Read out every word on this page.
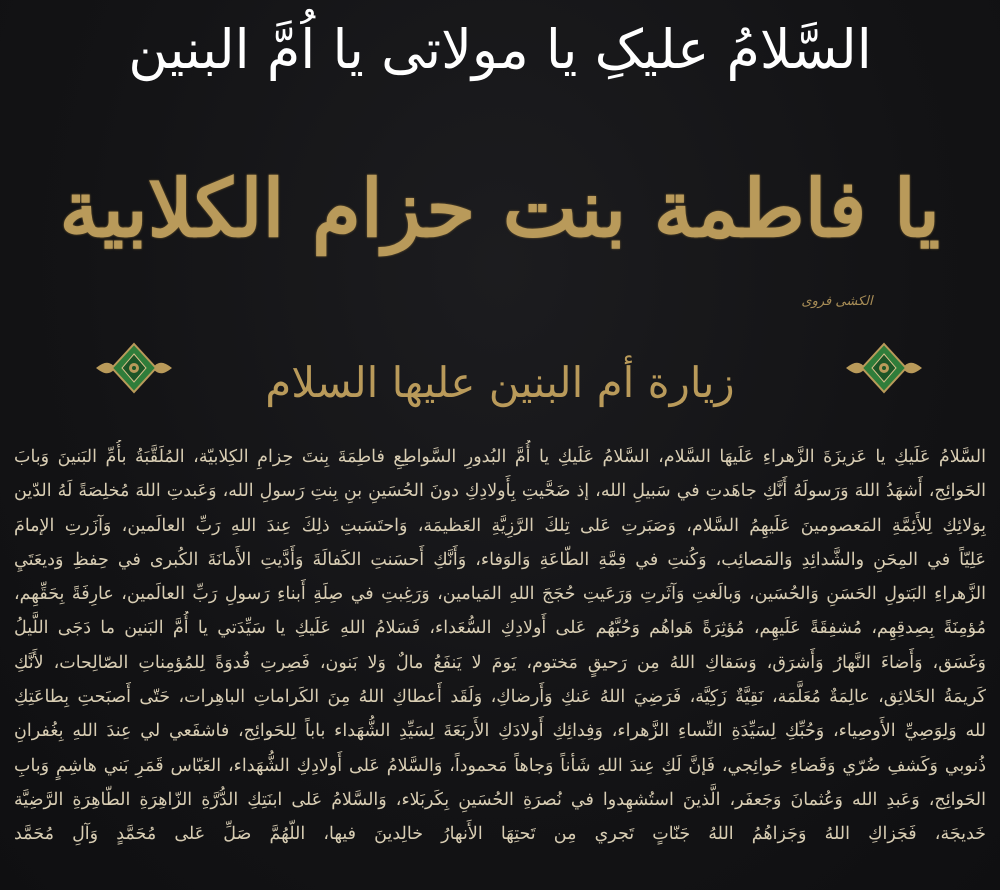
السَّلامُ علیکِ یا مولاتی یا اُمَّ البنین
یا فاطمة بنت حزام الکلابیة
الکشی فروی
زیارة أم البنین علیها السلام
السَّلامُ عَلَيكِ يا عَزيزَةَ الزَّهراءِ عَلَيهَا السَّلام، السَّلامُ عَلَيكِ يا أُمَّ البُدورِ السَّواطِعِ فاطِمَةَ بِنتَ حِزامِ الكِلابيّة، المُلَقَّبَةُ بأُمِّ البَنينَ وَبابَ
الحَوائِج، أَشهَدُ اللهَ وَرَسولَهُ أَنَّكِ جاهَدتِ في سَبيلِ الله، إذ ضَحَّيتِ بِأَولادِكِ دونَ الحُسَينِ بنِ بِنتِ رَسولِ الله، وَعَبدتِ اللهَ مُخلِصَةً لَهُ الدّين
بِوَلائِكِ لِلأَئِمَّةِ المَعصومينَ عَلَيهِمُ السَّلام، وَصَبَرتِ عَلى تِلكَ الرَّزِيَّةِ العَظيمَة، وَاحتَسَبتِ ذلِكَ عِندَ اللهِ رَبِّ العالَمين، وَآزَرتِ الإمامَ
عَلِيّاً في المِحَنِ والشَّدائِدِ وَالمَصائِب، وَكُنتِ في قِمَّةِ الطّاعَةِ وَالوَفاء، وَأَنَّكِ أَحسَنتِ الكَفالَةَ وَأَدَّيتِ الأَمانَةَ الكُبرى في حِفظِ وَديعَتَيِ
الزَّهراءِ البَتولِ الحَسَنِ وَالحُسَين، وَبالَغتِ وَآثَرتِ وَرَعَيتِ حُجَجَ اللهِ المَيامين، وَرَغِبتِ في صِلَةِ أَبناءِ رَسولِ رَبِّ العالَمين، عارِفَةً بِحَقِّهِم،
مُؤمِنَةً بِصِدقِهِم، مُشفِقَةً عَلَيهِم، مُؤثِرَةً هَواهُم وَحُبَّهُم عَلى أَولادِكِ السُّعَداء، فَسَلامُ اللهِ عَلَيكِ يا سَيِّدَتي يا أُمَّ البَنين ما دَجَى اللَّيلُ
وَغَسَق، وَأَضاءَ النَّهارُ وَأَشرَق، وَسَقاكِ اللهُ مِن رَحيقٍ مَختوم، يَومَ لا يَنفَعُ مالٌ وَلا بَنون، فَصِرتِ قُدوَةً لِلمُؤمِناتِ الصّالِحات، لأَنَّكِ
كَريمَةُ الخَلائِق، عالِمَةٌ مُعَلَّمَة، نَقِيَّةٌ زَكِيَّة، فَرَضِيَ اللهُ عَنكِ وَأَرضاكِ، وَلَقَد أَعطاكِ اللهُ مِنَ الكَراماتِ الباهِرات، حَتّى أَصبَحتِ بِطاعَتِكِ
لله وَلِوَصِيِّ الأَوصِياء، وَحُبِّكِ لِسَيِّدَةِ النِّساءِ الزَّهراء، وَفِدائِكِ أَولادَكِ الأَربَعَةَ لِسَيِّدِ الشُّهَداء باباً لِلحَوائِج، فاشفَعي لي عِندَ اللهِ بِغُفرانِ
ذُنوبي وَكَشفِ ضُرّي وَقَضاءِ حَوائِجي، فَإنَّ لَكِ عِندَ اللهِ شَأناً وَجاهاً مَحموداً، وَالسَّلامُ عَلى أَولادِكِ الشُّهَداء، العَبّاس قَمَرِ بَني هاشِمٍ وَبابِ
الحَوائِج، وَعَبدِ الله وَعُثمانَ وَجَعفَر، الَّذينَ استُشهِدوا في نُصرَةِ الحُسَينِ بِكَربَلاء، وَالسَّلامُ عَلى ابنَتِكِ الدُّرَّةِ الزّاهِرَةِ الطّاهِرَةِ الرَّضِيَّة
خَديجَة، فَجَزاكِ اللهُ وَجَزاهُمُ اللهُ جَنّاتٍ تَجري مِن تَحتِهَا الأَنهارُ خالِدينَ فيها، اللّهُمَّ صَلِّ عَلى مُحَمَّدٍ وَآلِ مُحَمَّد
